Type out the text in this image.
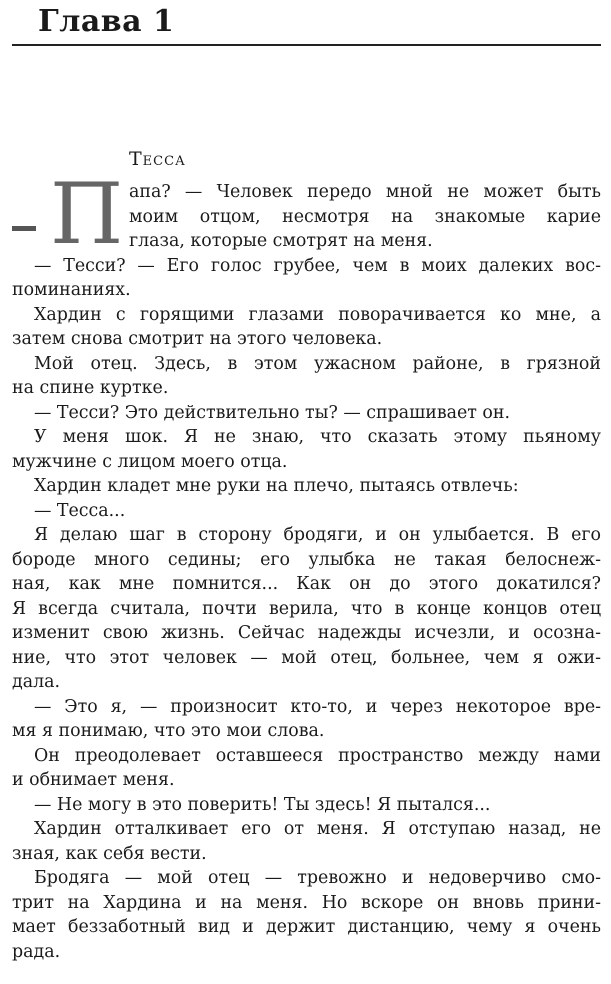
Глава 1
Тесса
П апа? — Человек передо мной не может быть
моим отцом, несмотря на знакомые карие
глаза, которые смотрят на меня.
— Тесси? — Его голос грубее, чем в моих далеких вос-
поминаниях.
Хардин с горящими глазами поворачивается ко мне, а
затем снова смотрит на этого человека.
Мой отец. Здесь, в этом ужасном районе, в грязной
на спине куртке.
— Тесси? Это действительно ты? — спрашивает он.
У меня шок. Я не знаю, что сказать этому пьяному
мужчине с лицом моего отца.
Хардин кладет мне руки на плечо, пытаясь отвлечь:
— Тесса...
Я делаю шаг в сторону бродяги, и он улыбается. В его
бороде много седины; его улыбка не такая белоснеж-
ная, как мне помнится... Как он до этого докатился?
Я всегда считала, почти верила, что в конце концов отец
изменит свою жизнь. Сейчас надежды исчезли, и осозна-
ние, что этот человек — мой отец, больнее, чем я ожи-
дала.
— Это я, — произносит кто-то, и через некоторое вре-
мя я понимаю, что это мои слова.
Он преодолевает оставшееся пространство между нами
и обнимает меня.
— Не могу в это поверить! Ты здесь! Я пытался...
Хардин отталкивает его от меня. Я отступаю назад, не
зная, как себя вести.
Бродяга — мой отец — тревожно и недоверчиво смо-
трит на Хардина и на меня. Но вскоре он вновь прини-
мает беззаботный вид и держит дистанцию, чему я очень
рада.
